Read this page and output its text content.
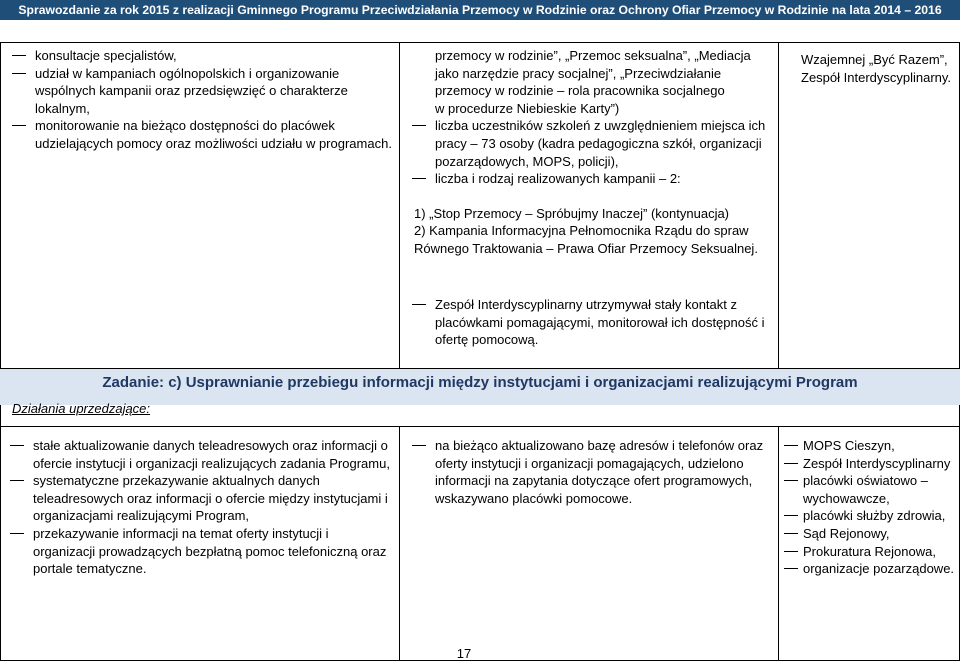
Sprawozdanie za rok 2015 z realizacji Gminnego Programu Przeciwdziałania Przemocy w Rodzinie oraz Ochrony Ofiar Przemocy w Rodzinie na lata 2014 – 2016
konsultacje specjalistów,
udział w kampaniach ogólnopolskich i organizowanie wspólnych kampanii oraz przedsięwzięć o charakterze lokalnym,
monitorowanie na bieżąco dostępności do placówek udzielających pomocy oraz możliwości udziału w programach.
przemocy w rodzinie”, „Przemoc seksualna”, „Mediacja
jako narzędzie pracy socjalnej”, „Przeciwdziałanie
przemocy w rodzinie – rola pracownika socjalnego
w procedurze Niebieskie Karty”)
liczba uczestników szkoleń z uwzględnieniem miejsca ich pracy – 73 osoby (kadra pedagogiczna szkół, organizacji pozarządowych, MOPS, policji),
liczba i rodzaj realizowanych kampanii – 2:
1) „Stop Przemocy – Spróbujmy Inaczej” (kontynuacja)
2) Kampania Informacyjna Pełnomocnika Rządu do spraw Równego Traktowania – Prawa Ofiar Przemocy Seksualnej.
Zespół Interdyscyplinarny utrzymywał stały kontakt z placówkami pomagającymi, monitorował ich dostępność i ofertę pomocową.
Wzajemnej „Być Razem”, Zespół Interdyscyplinarny.
Zadanie: c) Usprawnianie przebiegu informacji między instytucjami i organizacjami realizującymi Program
Działania uprzedzające:
stałe aktualizowanie danych teleadresowych oraz informacji o ofercie instytucji i organizacji realizujących zadania Programu,
systematyczne przekazywanie aktualnych danych teleadresowych oraz informacji o ofercie między instytucjami i organizacjami realizującymi Program,
przekazywanie informacji na temat oferty instytucji i organizacji prowadzących bezpłatną pomoc telefoniczną oraz portale tematyczne.
na bieżąco aktualizowano bazę adresów i telefonów oraz oferty instytucji i organizacji pomagających, udzielono informacji na zapytania dotyczące ofert programowych, wskazywano placówki pomocowe.
MOPS Cieszyn,
Zespół Interdyscyplinarny
placówki oświatowo – wychowawcze,
placówki służby zdrowia,
Sąd Rejonowy,
Prokuratura Rejonowa,
organizacje pozarządowe.
17
